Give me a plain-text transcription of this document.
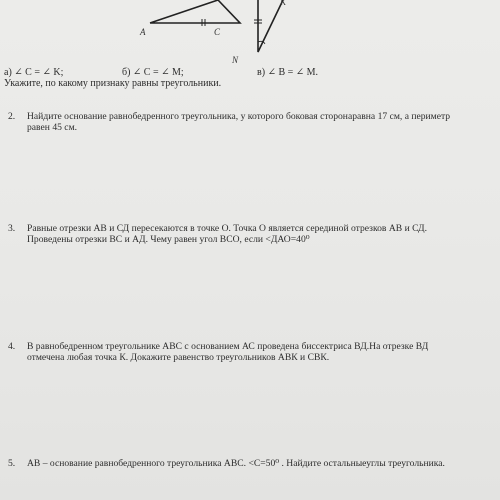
A	C
N
K
а) ∠ C = ∠ K;	б) ∠ C = ∠ M;	в) ∠ B = ∠ M.
Укажите, по какому признаку равны треугольники.
2. Найдите основание равнобедренного треугольника, у которого боковая сторонаравна 17 см, а периметр равен 45 см.
3. Равные отрезки АВ и СД пересекаются в точке О. Точка О является серединой отрезков АВ и СД. Проведены отрезки ВС и АД. Чему равен угол ВСО, если <ДАО=40⁰
4. В равнобедренном треугольнике АВС с основанием АС проведена биссектриса ВД.На отрезке ВД отмечена любая точка К. Докажите равенство треугольников АВК и СВК.
5. АВ – основание равнобедренного треугольника АВС. <С=50⁰ . Найдите остальныеуглы треугольника.
